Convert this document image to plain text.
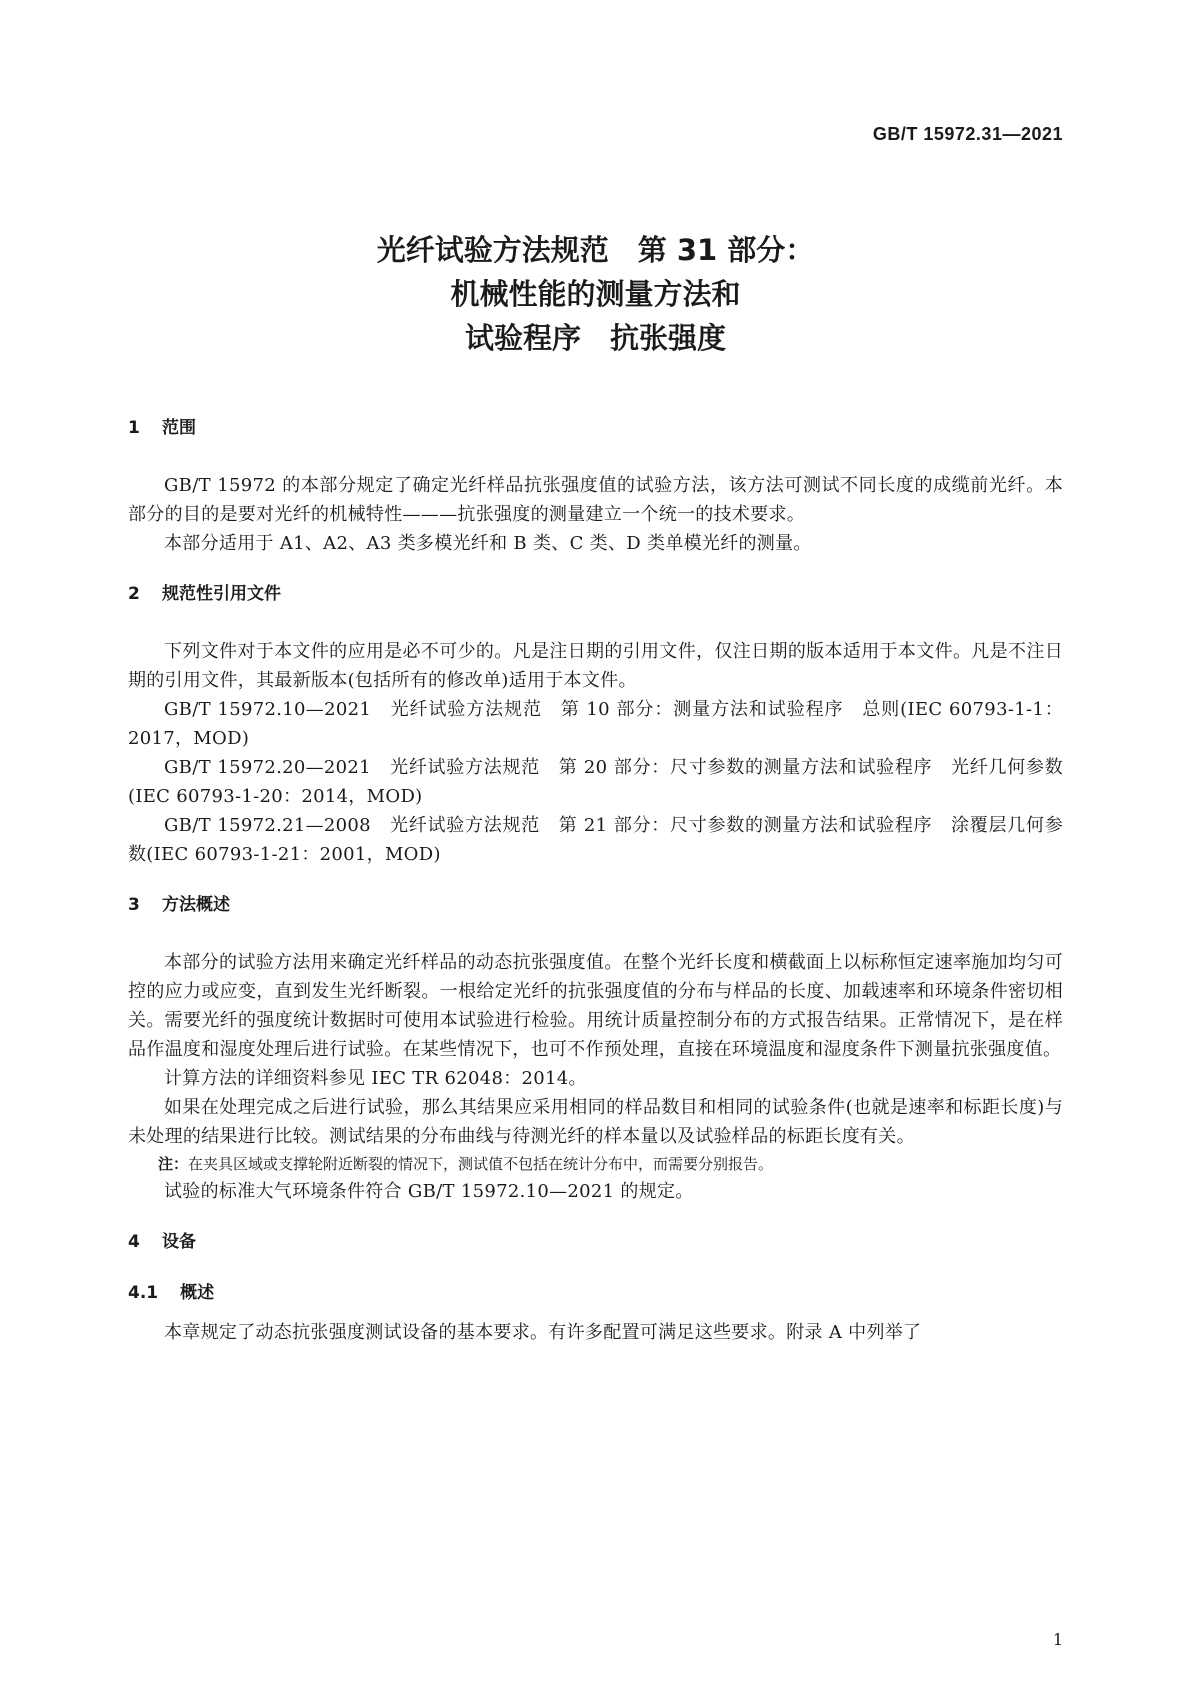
GB/T 15972.31—2021
光纤试验方法规范　第 31 部分：
机械性能的测量方法和
试验程序　抗张强度
1 范围

GB/T 15972 的本部分规定了确定光纤样品抗张强度值的试验方法，该方法可测试不同长度的成缆前光纤。本部分的目的是要对光纤的机械特性———抗张强度的测量建立一个统一的技术要求。

本部分适用于 A1、A2、A3 类多模光纤和 B 类、C 类、D 类单模光纤的测量。

2 规范性引用文件

下列文件对于本文件的应用是必不可少的。凡是注日期的引用文件，仅注日期的版本适用于本文件。凡是不注日期的引用文件，其最新版本(包括所有的修改单)适用于本文件。

GB/T 15972.10—2021　光纤试验方法规范　第 10 部分：测量方法和试验程序　总则(IEC 60793-1-1：2017，MOD)

GB/T 15972.20—2021　光纤试验方法规范　第 20 部分：尺寸参数的测量方法和试验程序　光纤几何参数(IEC 60793-1-20：2014，MOD)

GB/T 15972.21—2008　光纤试验方法规范　第 21 部分：尺寸参数的测量方法和试验程序　涂覆层几何参数(IEC 60793-1-21：2001，MOD)

3 方法概述

本部分的试验方法用来确定光纤样品的动态抗张强度值。在整个光纤长度和横截面上以标称恒定速率施加均匀可控的应力或应变，直到发生光纤断裂。一根给定光纤的抗张强度值的分布与样品的长度、加载速率和环境条件密切相关。需要光纤的强度统计数据时可使用本试验进行检验。用统计质量控制分布的方式报告结果。正常情况下，是在样品作温度和湿度处理后进行试验。在某些情况下，也可不作预处理，直接在环境温度和湿度条件下测量抗张强度值。

计算方法的详细资料参见 IEC TR 62048：2014。

如果在处理完成之后进行试验，那么其结果应采用相同的样品数目和相同的试验条件(也就是速率和标距长度)与未处理的结果进行比较。测试结果的分布曲线与待测光纤的样本量以及试验样品的标距长度有关。

注：在夹具区域或支撑轮附近断裂的情况下，测试值不包括在统计分布中，而需要分别报告。

试验的标准大气环境条件符合 GB/T 15972.10—2021 的规定。

4 设备
4.1 概述

本章规定了动态抗张强度测试设备的基本要求。有许多配置可满足这些要求。附录 A 中列举了

1
